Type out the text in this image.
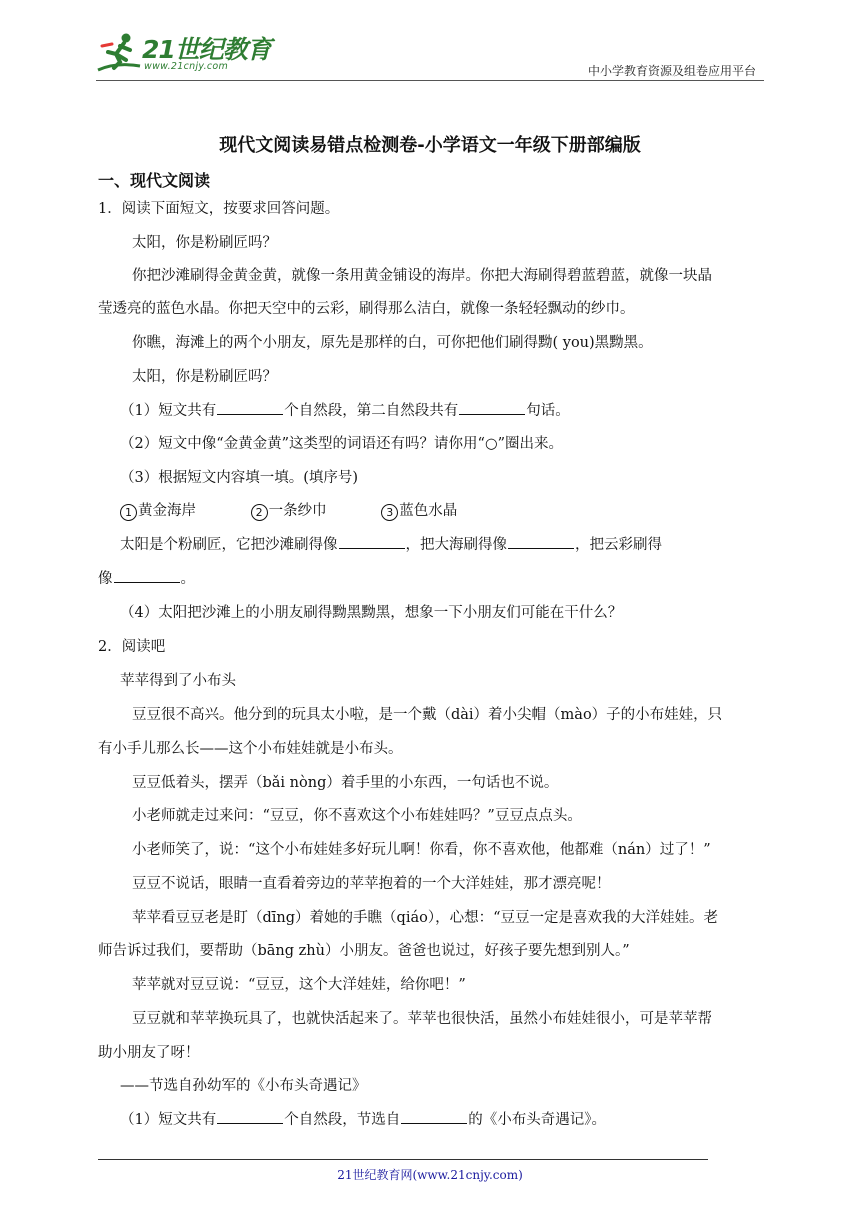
21世纪教育
www.21cnjy.com	中小学教育资源及组卷应用平台
现代文阅读易错点检测卷-小学语文一年级下册部编版
一、现代文阅读
1．阅读下面短文，按要求回答问题。
太阳，你是粉刷匠吗？
你把沙滩刷得金黄金黄，就像一条用黄金铺设的海岸。你把大海刷得碧蓝碧蓝，就像一块晶
莹透亮的蓝色水晶。你把天空中的云彩，刷得那么洁白，就像一条轻轻飘动的纱巾。
你瞧，海滩上的两个小朋友，原先是那样的白，可你把他们刷得黝( you)黑黝黑。
太阳，你是粉刷匠吗？
（1）短文共有	个自然段，第二自然段共有	句话。
（2）短文中像“金黄金黄”这类型的词语还有吗？请你用“○”圈出来。
（3）根据短文内容填一填。(填序号)
1 黄金海岸	2 一条纱巾	3 蓝色水晶
太阳是个粉刷匠，它把沙滩刷得像	，把大海刷得像	，把云彩刷得
像	。
（4）太阳把沙滩上的小朋友刷得黝黑黝黑，想象一下小朋友们可能在干什么？
2．阅读吧
苹苹得到了小布头
豆豆很不高兴。他分到的玩具太小啦，是一个戴（dài）着小尖帽（mào）子的小布娃娃，只
有小手儿那么长——这个小布娃娃就是小布头。
豆豆低着头，摆弄（bǎi nòng）着手里的小东西，一句话也不说。
小老师就走过来问：“豆豆，你不喜欢这个小布娃娃吗？”豆豆点点头。
小老师笑了，说：“这个小布娃娃多好玩儿啊！你看，你不喜欢他，他都难（nán）过了！”
豆豆不说话，眼睛一直看着旁边的苹苹抱着的一个大洋娃娃，那才漂亮呢！
苹苹看豆豆老是盯（dīng）着她的手瞧（qiáo），心想：“豆豆一定是喜欢我的大洋娃娃。老
师告诉过我们，要帮助（bāng zhù）小朋友。爸爸也说过，好孩子要先想到别人。”
苹苹就对豆豆说：“豆豆，这个大洋娃娃，给你吧！”
豆豆就和苹苹换玩具了，也就快活起来了。苹苹也很快活，虽然小布娃娃很小，可是苹苹帮
助小朋友了呀！
——节选自孙幼军的《小布头奇遇记》
（1）短文共有	个自然段，节选自	的《小布头奇遇记》。
21世纪教育网(www.21cnjy.com)
